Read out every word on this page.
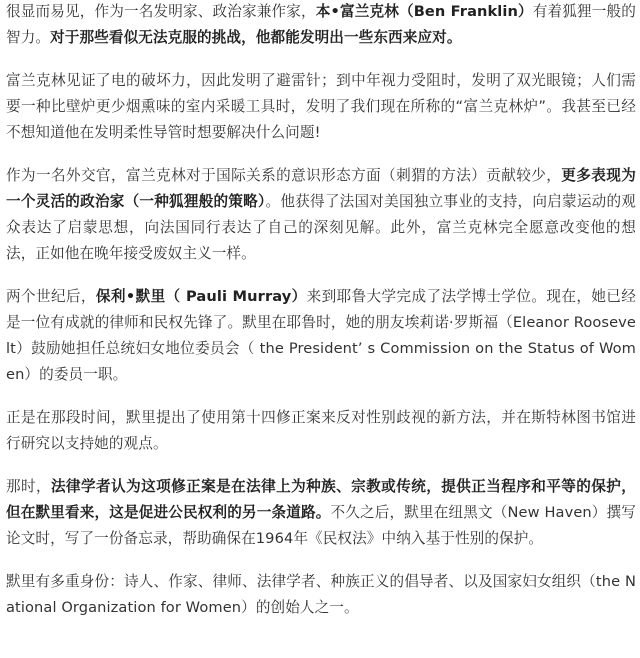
很显而易见，作为一名发明家、政治家兼作家，本•富兰克林（Ben Franklin）有着狐狸一般的智力。对于那些看似无法克服的挑战，他都能发明出一些东西来应对。

富兰克林见证了电的破坏力，因此发明了避雷针；到中年视力受阻时，发明了双光眼镜；人们需要一种比壁炉更少烟熏味的室内采暖工具时，发明了我们现在所称的“富兰克林炉”。我甚至已经不想知道他在发明柔性导管时想要解决什么问题!

作为一名外交官，富兰克林对于国际关系的意识形态方面（刺猬的方法）贡献较少，更多表现为一个灵活的政治家（一种狐狸般的策略）。他获得了法国对美国独立事业的支持，向启蒙运动的观众表达了启蒙思想，向法国同行表达了自己的深刻见解。此外，富兰克林完全愿意改变他的想法，正如他在晚年接受废奴主义一样。

两个世纪后，保利•默里（ Pauli Murray）来到耶鲁大学完成了法学博士学位。现在，她已经是一位有成就的律师和民权先锋了。默里在耶鲁时，她的朋友埃莉诺·罗斯福（Eleanor Roosevelt）鼓励她担任总统妇女地位委员会（ the President’ s Commission on the Status of Women）的委员一职。

正是在那段时间，默里提出了使用第十四修正案来反对性别歧视的新方法，并在斯特林图书馆进行研究以支持她的观点。

那时，法律学者认为这项修正案是在法律上为种族、宗教或传统，提供正当程序和平等的保护，但在默里看来，这是促进公民权利的另一条道路。不久之后，默里在纽黑文（New Haven）撰写论文时，写了一份备忘录，帮助确保在1964年《民权法》中纳入基于性别的保护。

默里有多重身份：诗人、作家、律师、法律学者、种族正义的倡导者、以及国家妇女组织（the National Organization for Women）的创始人之一。
